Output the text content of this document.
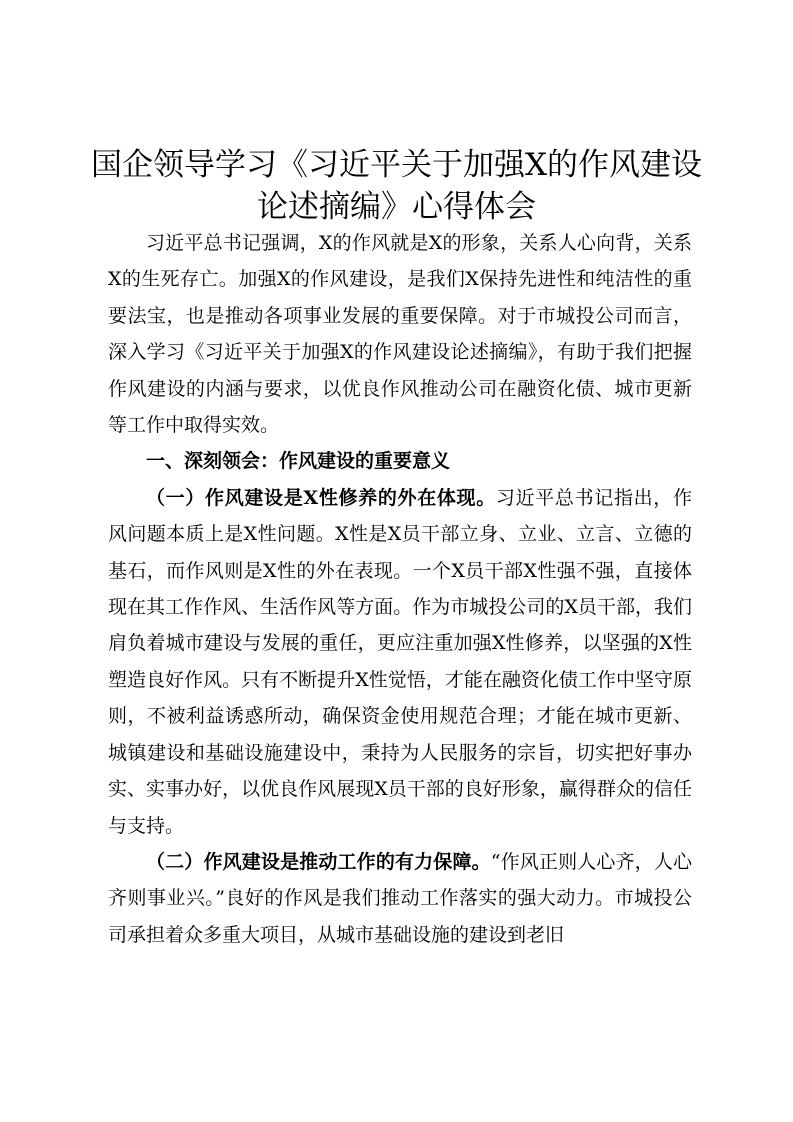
国企领导学习《习近平关于加强X的作风建设
论述摘编》心得体会

习近平总书记强调，X的作风就是X的形象，关系人心向背，关系X的生死存亡。加强X的作风建设，是我们X保持先进性和纯洁性的重要法宝，也是推动各项事业发展的重要保障。对于市城投公司而言，深入学习《习近平关于加强X的作风建设论述摘编》，有助于我们把握作风建设的内涵与要求，以优良作风推动公司在融资化债、城市更新等工作中取得实效。

一、深刻领会：作风建设的重要意义

（一）作风建设是X性修养的外在体现。习近平总书记指出，作风问题本质上是X性问题。X性是X员干部立身、立业、立言、立德的基石，而作风则是X性的外在表现。一个X员干部X性强不强，直接体现在其工作作风、生活作风等方面。作为市城投公司的X员干部，我们肩负着城市建设与发展的重任，更应注重加强X性修养，以坚强的X性塑造良好作风。只有不断提升X性觉悟，才能在融资化债工作中坚守原则，不被利益诱惑所动，确保资金使用规范合理；才能在城市更新、城镇建设和基础设施建设中，秉持为人民服务的宗旨，切实把好事办实、实事办好，以优良作风展现X员干部的良好形象，赢得群众的信任与支持。

（二）作风建设是推动工作的有力保障。“作风正则人心齐，人心齐则事业兴。”良好的作风是我们推动工作落实的强大动力。市城投公司承担着众多重大项目，从城市基础设施的建设到老旧
